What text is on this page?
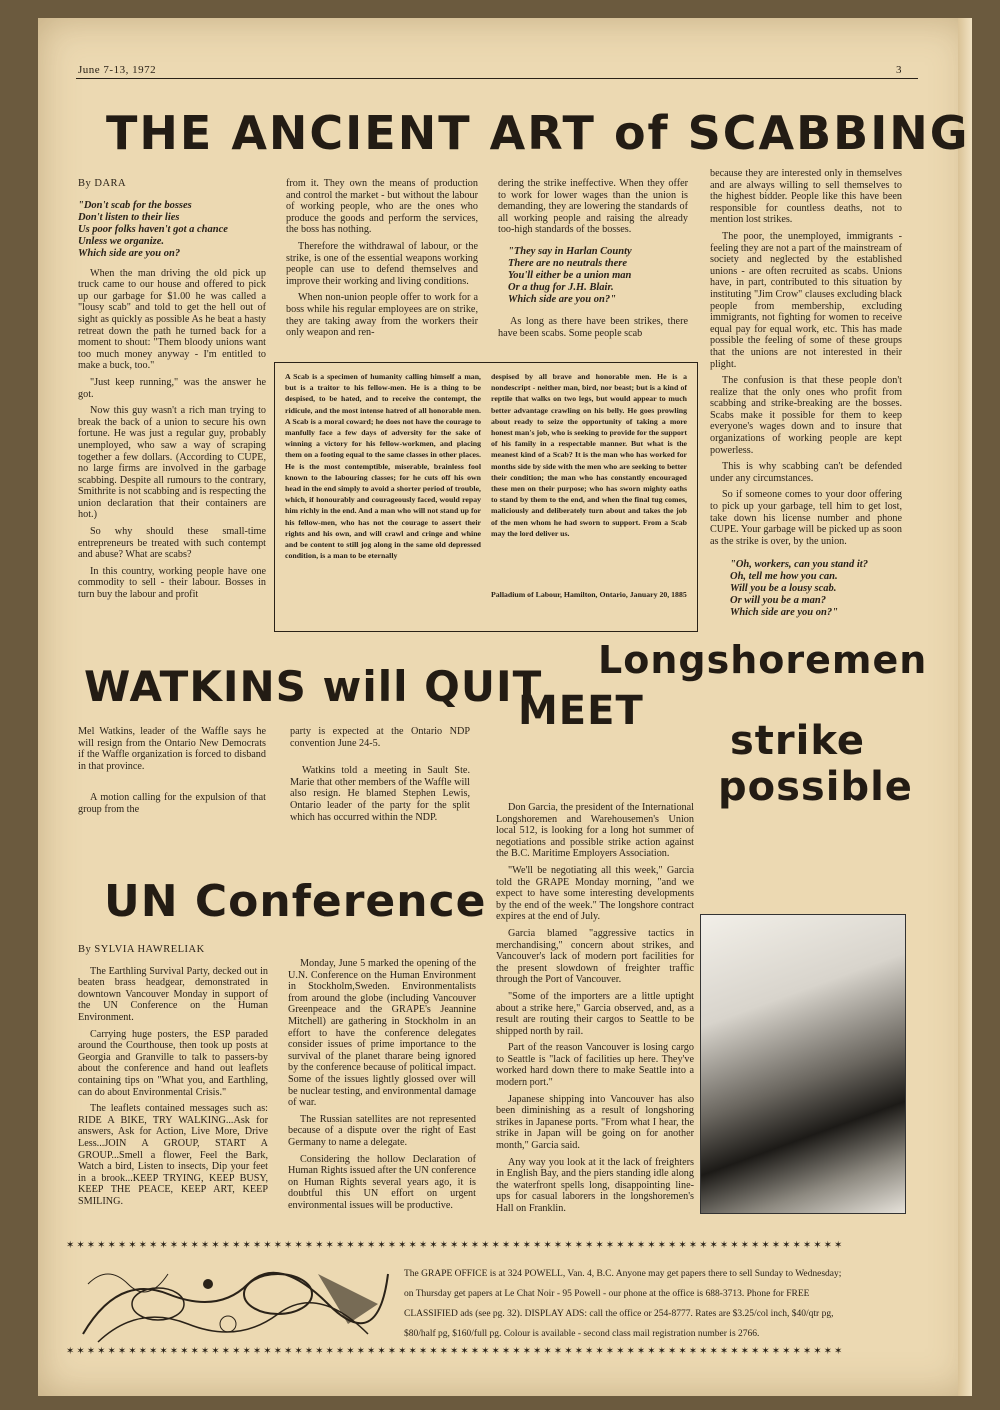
June 7-13, 1972	3
THE ANCIENT ART of SCABBING
By DARA
"Don't scab for the bosses
Don't listen to their lies
Us poor folks haven't got a chance
Unless we organize.
Which side are you on?

When the man driving the old pick up truck came to our house and offered to pick up our garbage for $1.00 he was called a "lousy scab" and told to get the hell out of sight as quickly as possible As he beat a hasty retreat down the path he turned back for a moment to shout: "Them bloody unions want too much money anyway - I'm entitled to make a buck, too."

"Just keep running," was the answer he got.

Now this guy wasn't a rich man trying to break the back of a union to secure his own fortune. He was just a regular guy, probably unemployed, who saw a way of scraping together a few dollars. (According to CUPE, no large firms are involved in the garbage scabbing. Despite all rumours to the contrary, Smithrite is not scabbing and is respecting the union declaration that their containers are hot.)

So why should these small-time entrepreneurs be treated with such contempt and abuse? What are scabs?

In this country, working people have one commodity to sell - their labour. Bosses in turn buy the labour and profit

from it. They own the means of production and control the market - but without the labour of working people, who are the ones who produce the goods and perform the services, the boss has nothing.

Therefore the withdrawal of labour, or the strike, is one of the essential weapons working people can use to defend themselves and improve their working and living conditions.

When non-union people offer to work for a boss while his regular employees are on strike, they are taking away from the workers their only weapon and ren-

dering the strike ineffective. When they offer to work for lower wages than the union is demanding, they are lowering the standards of all working people and raising the already too-high standards of the bosses.

"They say in Harlan County
There are no neutrals there
You'll either be a union man
Or a thug for J.H. Blair.
Which side are you on?"

As long as there have been strikes, there have been scabs. Some people scab

because they are interested only in themselves and are always willing to sell themselves to the highest bidder. People like this have been responsible for countless deaths, not to mention lost strikes.

The poor, the unemployed, immigrants - feeling they are not a part of the mainstream of society and neglected by the established unions - are often recruited as scabs. Unions have, in part, contributed to this situation by instituting "Jim Crow" clauses excluding black people from membership, excluding immigrants, not fighting for women to receive equal pay for equal work, etc. This has made possible the feeling of some of these groups that the unions are not interested in their plight.

The confusion is that these people don't realize that the only ones who profit from scabbing and strike-breaking are the bosses. Scabs make it possible for them to keep everyone's wages down and to insure that organizations of working people are kept powerless.

This is why scabbing can't be defended under any circumstances.

So if someone comes to your door offering to pick up your garbage, tell him to get lost, take down his license number and phone CUPE. Your garbage will be picked up as soon as the strike is over, by the union.

"Oh, workers, can you stand it?
Oh, tell me how you can.
Will you be a lousy scab.
Or will you be a man?
Which side are you on?"
A Scab is a specimen of humanity calling himself a man, but is a traitor to his fellow-men. He is a thing to be despised, to be hated, and to receive the contempt, the ridicule, and the most intense hatred of all honorable men. A Scab is a moral coward; he does not have the courage to manfully face a few days of adversity for the sake of winning a victory for his fellow-workmen, and placing them on a footing equal to the same classes in other places. He is the most contemptible, miserable, brainless fool known to the labouring classes; for he cuts off his own head in the end simply to avoid a shorter period of trouble, which, if honourably and courageously faced, would repay him richly in the end. And a man who will not stand up for his fellow-men, who has not the courage to assert their rights and his own, and will crawl and cringe and whine and be content to still jog along in the same old depressed condition, is a man to be eternally
despised by all brave and honorable men. He is a nondescript - neither man, bird, nor beast; but is a kind of reptile that walks on two legs, but would appear to much better advantage crawling on his belly. He goes prowling about ready to seize the opportunity of taking a more honest man's job, who is seeking to provide for the support of his family in a respectable manner. But what is the meanest kind of a Scab? It is the man who has worked for months side by side with the men who are seeking to better their condition; the man who has constantly encouraged these men on their purpose; who has sworn mighty oaths to stand by them to the end, and when the final tug comes, maliciously and deliberately turn about and takes the job of the men whom he had sworn to support. From a Scab may the lord deliver us.
Palladium of Labour, Hamilton, Ontario, January 20, 1885
WATKINS will QUIT

Mel Watkins, leader of the Waffle says he will resign from the Ontario New Democrats if the Waffle organization is forced to disband in that province.

A motion calling for the expulsion of that group from the

party is expected at the Ontario NDP convention June 24-5.

Watkins told a meeting in Sault Ste. Marie that other members of the Waffle will also resign. He blamed Stephen Lewis, Ontario leader of the party for the split which has occurred within the NDP.

Longshoremen
MEET
strike
possible

Don Garcia, the president of the International Longshoremen and Warehousemen's Union local 512, is looking for a long hot summer of negotiations and possible strike action against the B.C. Maritime Employers Association.

"We'll be negotiating all this week," Garcia told the GRAPE Monday morning, "and we expect to have some interesting developments by the end of the week." The longshore contract expires at the end of July.

Garcia blamed "aggressive tactics in merchandising," concern about strikes, and Vancouver's lack of modern port facilities for the present slowdown of freighter traffic through the Port of Vancouver.

"Some of the importers are a little uptight about a strike here," Garcia observed, and, as a result are routing their cargos to Seattle to be shipped north by rail.

Part of the reason Vancouver is losing cargo to Seattle is "lack of facilities up here. They've worked hard down there to make Seattle into a modern port."

Japanese shipping into Vancouver has also been diminishing as a result of longshoring strikes in Japanese ports. "From what I hear, the strike in Japan will be going on for another month," Garcia said.

Any way you look at it the lack of freighters in English Bay, and the piers standing idle along the waterfront spells long, disappointing line-ups for casual laborers in the longshoremen's Hall on Franklin.

UN Conference
By SYLVIA HAWRELIAK

The Earthling Survival Party, decked out in beaten brass headgear, demonstrated in downtown Vancouver Monday in support of the UN Conference on the Human Environment.

Carrying huge posters, the ESP paraded around the Courthouse, then took up posts at Georgia and Granville to talk to passers-by about the conference and hand out leaflets containing tips on "What you, and Earthling, can do about Environmental Crisis."

The leaflets contained messages such as: RIDE A BIKE, TRY WALKING...Ask for answers, Ask for Action, Live More, Drive Less...JOIN A GROUP, START A GROUP...Smell a flower, Feel the Bark, Watch a bird, Listen to insects, Dip your feet in a brook...KEEP TRYING, KEEP BUSY, KEEP THE PEACE, KEEP ART, KEEP SMILING.

Monday, June 5 marked the opening of the U.N. Conference on the Human Environment in Stockholm,Sweden. Environmentalists from around the globe (including Vancouver Greenpeace and the GRAPE's Jeannine Mitchell) are gathering in Stockholm in an effort to have the conference delegates consider issues of prime importance to the survival of the planet tharare being ignored by the conference because of political impact. Some of the issues lightly glossed over will be nuclear testing, and environmental damage of war.

The Russian satellites are not represented because of a dispute over the right of East Germany to name a delegate.

Considering the hollow Declaration of Human Rights issued after the UN conference on Human Rights several years ago, it is doubtful this UN effort on urgent environmental issues will be productive.

✶✶✶✶✶✶✶✶✶✶✶✶✶✶✶✶✶✶✶✶✶✶✶✶✶✶✶✶✶✶✶✶✶✶✶✶✶✶✶✶✶✶✶✶✶✶✶✶✶✶✶✶✶✶✶✶✶✶✶✶✶✶✶✶✶✶✶✶✶✶✶✶✶✶✶
✶✶✶✶✶✶✶✶✶✶✶✶✶✶✶✶✶✶✶✶✶✶✶✶✶✶✶✶✶✶✶✶✶✶✶✶✶✶✶✶✶✶✶✶✶✶✶✶✶✶✶✶✶✶✶✶✶✶✶✶✶✶✶✶✶✶✶✶✶✶✶✶✶✶✶
The GRAPE OFFICE is at 324 POWELL, Van. 4, B.C. Anyone may get papers there to sell Sunday to Wednesday;
on Thursday get papers at Le Chat Noir - 95 Powell - our phone at the office is 688-3713. Phone for FREE
CLASSIFIED ads (see pg. 32). DISPLAY ADS: call the office or 254-8777. Rates are $3.25/col inch, $40/qtr pg,
$80/half pg, $160/full pg. Colour is available - second class mail registration number is 2766.
